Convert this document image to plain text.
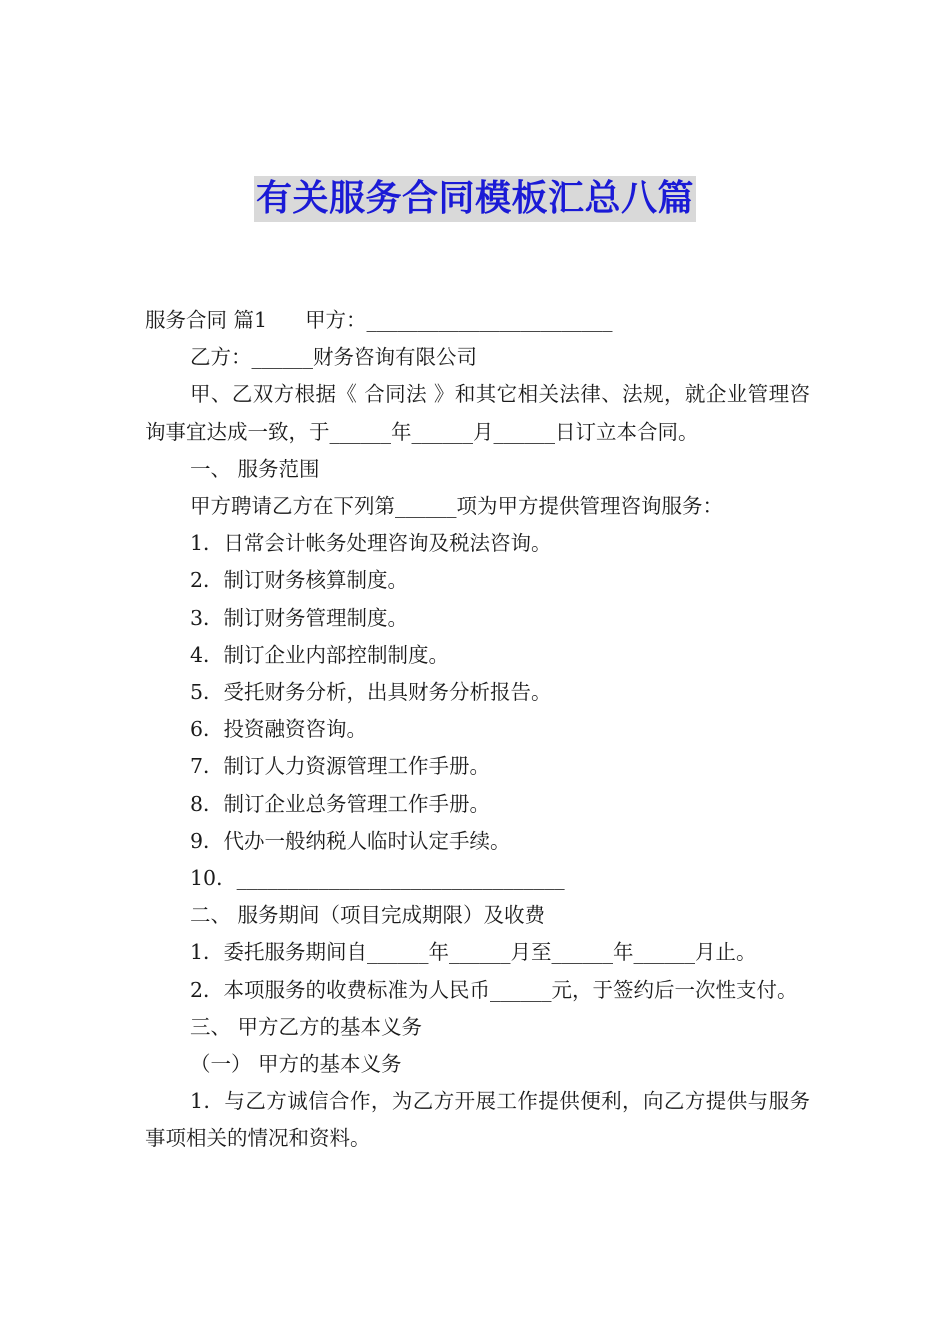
有关服务合同模板汇总八篇

服务合同 篇1 甲方：________________________

乙方：______财务咨询有限公司

甲、乙双方根据《 合同法 》和其它相关法律、法规，就企业管理咨询事宜达成一致，于______年______月______日订立本合同。

一、 服务范围

甲方聘请乙方在下列第______项为甲方提供管理咨询服务：

1．日常会计帐务处理咨询及税法咨询。

2．制订财务核算制度。

3．制订财务管理制度。

4．制订企业内部控制制度。

5．受托财务分析，出具财务分析报告。

6．投资融资咨询。

7．制订人力资源管理工作手册。

8．制订企业总务管理工作手册。

9．代办一般纳税人临时认定手续。

10．________________________________

二、 服务期间（项目完成期限）及收费

1．委托服务期间自______年______月至______年______月止。

2．本项服务的收费标准为人民币______元，于签约后一次性支付。

三、 甲方乙方的基本义务

（一） 甲方的基本义务

1．与乙方诚信合作，为乙方开展工作提供便利，向乙方提供与服务事项相关的情况和资料。
